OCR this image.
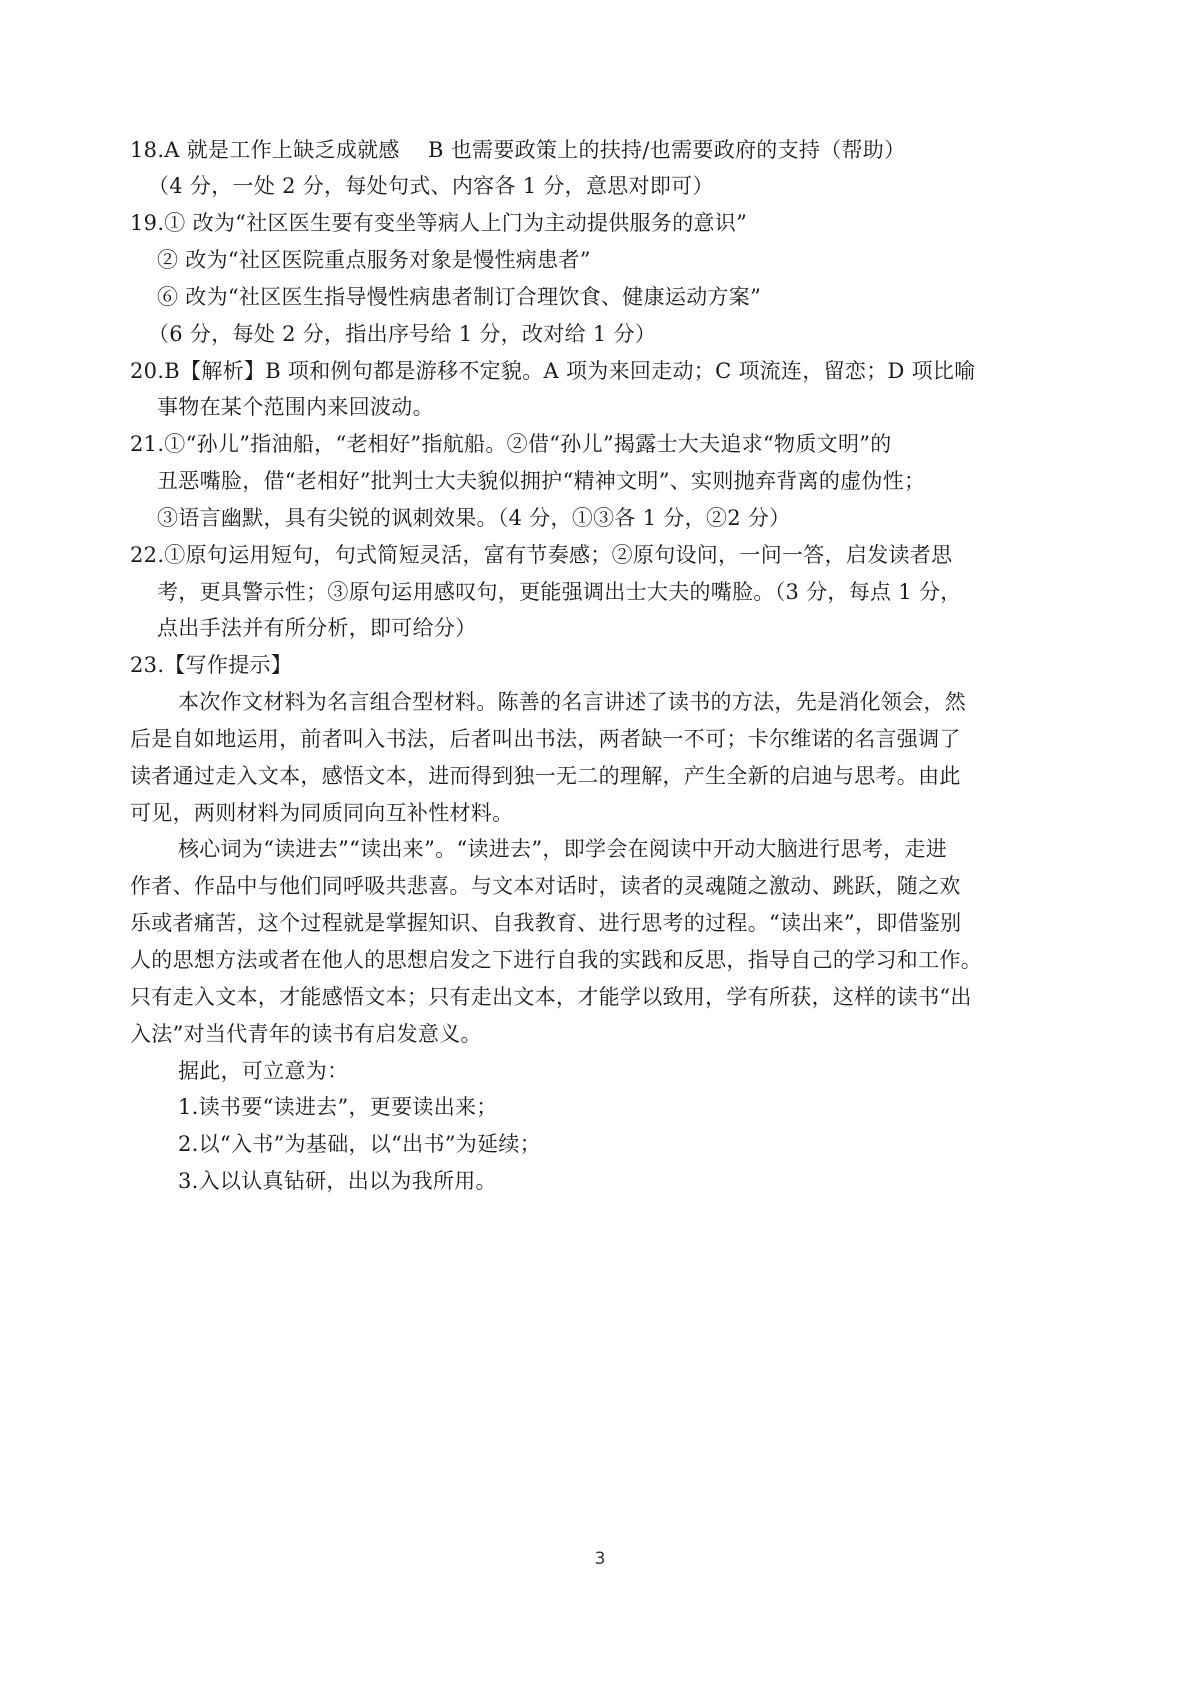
18.A 就是工作上缺乏成就感　 B 也需要政策上的扶持/也需要政府的支持（帮助）
（4 分，一处 2 分，每处句式、内容各 1 分，意思对即可）
19.① 改为“社区医生要有变坐等病人上门为主动提供服务的意识”
② 改为“社区医院重点服务对象是慢性病患者”
⑥ 改为“社区医生指导慢性病患者制订合理饮食、健康运动方案”
（6 分，每处 2 分，指出序号给 1 分，改对给 1 分）
20.B【解析】B 项和例句都是游移不定貌。A 项为来回走动；C 项流连，留恋；D 项比喻
事物在某个范围内来回波动。
21.①“孙儿”指油船，“老相好”指航船。②借“孙儿”揭露士大夫追求“物质文明”的
丑恶嘴脸，借“老相好”批判士大夫貌似拥护“精神文明”、实则抛弃背离的虚伪性；
③语言幽默，具有尖锐的讽刺效果。（4 分，①③各 1 分，②2 分）
22.①原句运用短句，句式简短灵活，富有节奏感；②原句设问，一问一答，启发读者思
考，更具警示性；③原句运用感叹句，更能强调出士大夫的嘴脸。（3 分，每点 1 分，
点出手法并有所分析，即可给分）
23.【写作提示】
本次作文材料为名言组合型材料。陈善的名言讲述了读书的方法，先是消化领会，然
后是自如地运用，前者叫入书法，后者叫出书法，两者缺一不可；卡尔维诺的名言强调了
读者通过走入文本，感悟文本，进而得到独一无二的理解，产生全新的启迪与思考。由此
可见，两则材料为同质同向互补性材料。
核心词为“读进去”“读出来”。“读进去”，即学会在阅读中开动大脑进行思考，走进
作者、作品中与他们同呼吸共悲喜。与文本对话时，读者的灵魂随之激动、跳跃，随之欢
乐或者痛苦，这个过程就是掌握知识、自我教育、进行思考的过程。“读出来”，即借鉴别
人的思想方法或者在他人的思想启发之下进行自我的实践和反思，指导自己的学习和工作。
只有走入文本，才能感悟文本；只有走出文本，才能学以致用，学有所获，这样的读书“出
入法”对当代青年的读书有启发意义。
据此，可立意为：
1.读书要“读进去”，更要读出来；
2.以“入书”为基础，以“出书”为延续；
3.入以认真钻研，出以为我所用。
3
